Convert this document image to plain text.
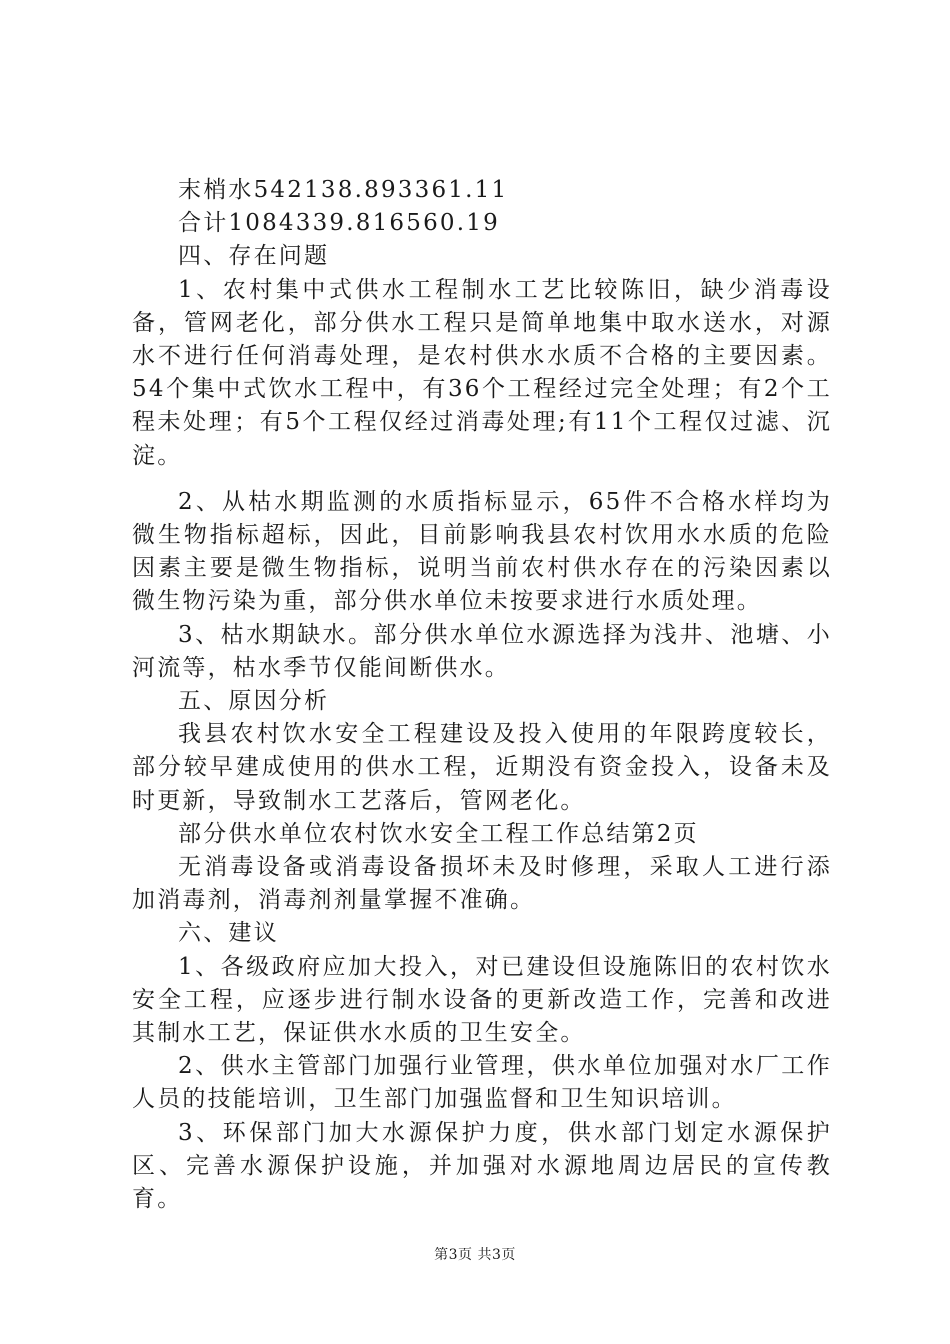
末梢水542138.893361.11

合计1084339.816560.19

四、存在问题

1、农村集中式供水工程制水工艺比较陈旧，缺少消毒设备，管网老化，部分供水工程只是简单地集中取水送水，对源水不进行任何消毒处理，是农村供水水质不合格的主要因素。54个集中式饮水工程中，有36个工程经过完全处理；有2个工程未处理；有5个工程仅经过消毒处理;有11个工程仅过滤、沉淀。

2、从枯水期监测的水质指标显示，65件不合格水样均为微生物指标超标，因此，目前影响我县农村饮用水水质的危险因素主要是微生物指标，说明当前农村供水存在的污染因素以微生物污染为重，部分供水单位未按要求进行水质处理。

3、枯水期缺水。部分供水单位水源选择为浅井、池塘、小河流等，枯水季节仅能间断供水。

五、原因分析

我县农村饮水安全工程建设及投入使用的年限跨度较长，部分较早建成使用的供水工程，近期没有资金投入，设备未及时更新，导致制水工艺落后，管网老化。

部分供水单位农村饮水安全工程工作总结第2页

无消毒设备或消毒设备损坏未及时修理，采取人工进行添加消毒剂，消毒剂剂量掌握不准确。

六、建议

1、各级政府应加大投入，对已建设但设施陈旧的农村饮水安全工程，应逐步进行制水设备的更新改造工作，完善和改进其制水工艺，保证供水水质的卫生安全。

2、供水主管部门加强行业管理，供水单位加强对水厂工作人员的技能培训，卫生部门加强监督和卫生知识培训。

3、环保部门加大水源保护力度，供水部门划定水源保护区、完善水源保护设施，并加强对水源地周边居民的宣传教育。

第3页 共3页
